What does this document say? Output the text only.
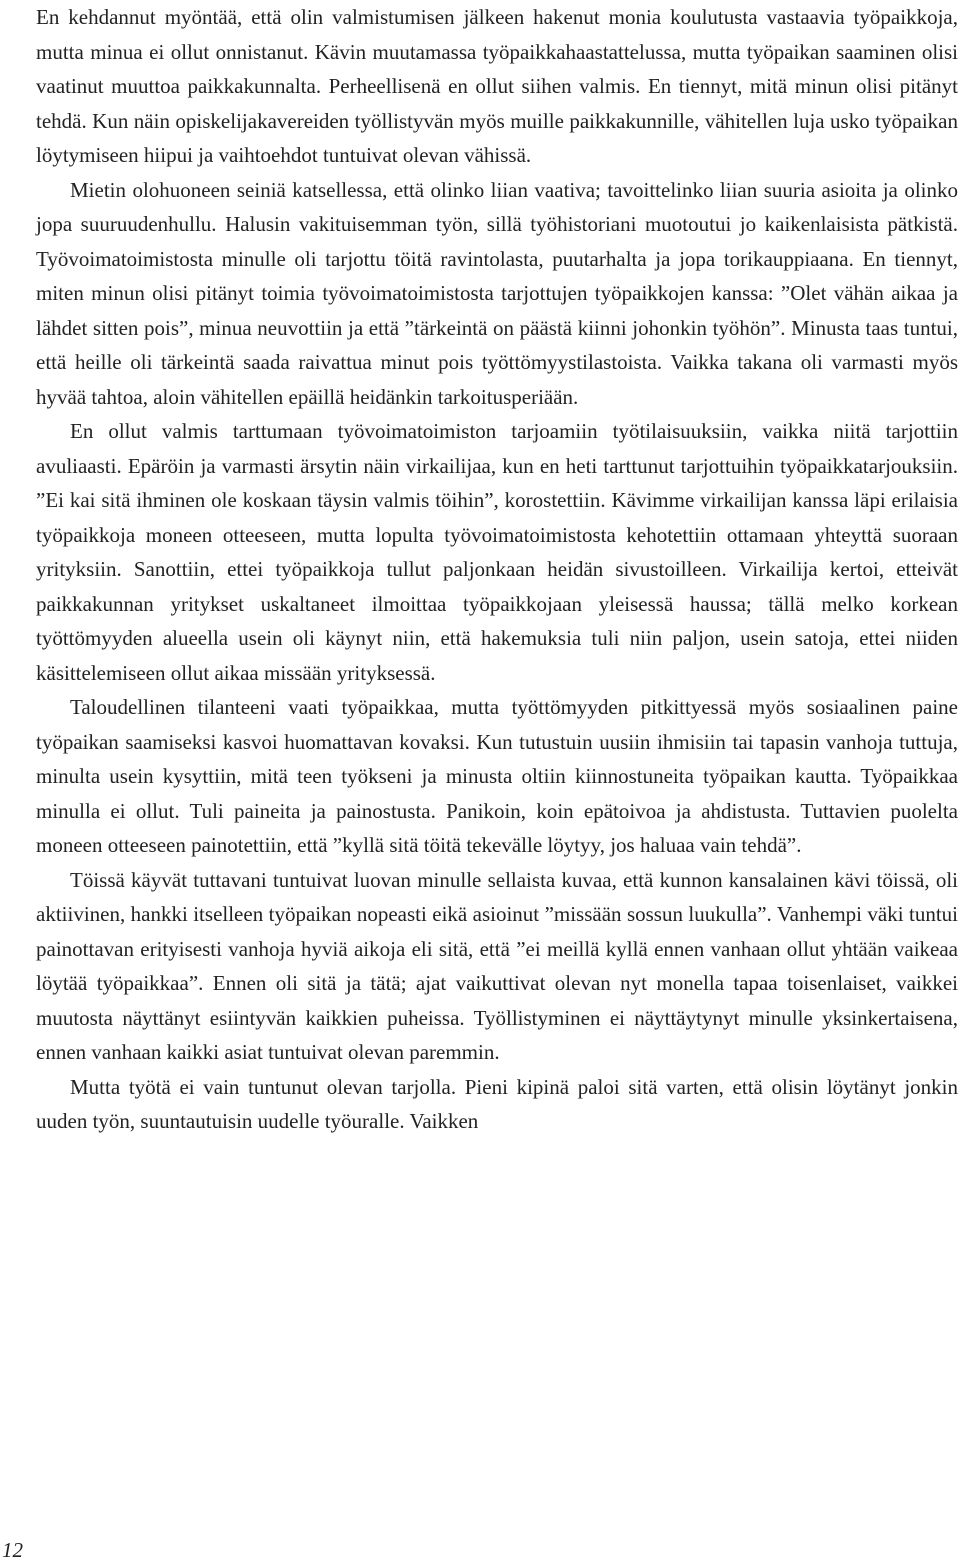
En kehdannut myöntää, että olin valmistumisen jälkeen hakenut monia koulutusta vastaavia työpaikkoja, mutta minua ei ollut onnistanut. Kävin muutamassa työpaikkahaastattelussa, mutta työpaikan saaminen olisi vaatinut muuttoa paikkakunnalta. Perheellisenä en ollut siihen valmis. En tiennyt, mitä minun olisi pitänyt tehdä. Kun näin opiskelijakavereiden työllistyvän myös muille paikkakunnille, vähitellen luja usko työpaikan löytymiseen hiipui ja vaihtoehdot tuntuivat olevan vähissä.

Mietin olohuoneen seiniä katsellessa, että olinko liian vaativa; tavoittelinko liian suuria asioita ja olinko jopa suuruudenhullu. Halusin vakituisemman työn, sillä työhistoriani muotoutui jo kaikenlaisista pätkistä. Työvoimatoimistosta minulle oli tarjottu töitä ravintolasta, puutarhalta ja jopa torikauppiaana. En tiennyt, miten minun olisi pitänyt toimia työvoimatoimistosta tarjottujen työpaikkojen kanssa: ”Olet vähän aikaa ja lähdet sitten pois”, minua neuvottiin ja että ”tärkeintä on päästä kiinni johonkin työhön”. Minusta taas tuntui, että heille oli tärkeintä saada raivattua minut pois työttömyystilastoista. Vaikka takana oli varmasti myös hyvää tahtoa, aloin vähitellen epäillä heidänkin tarkoitusperiään.

En ollut valmis tarttumaan työvoimatoimiston tarjoamiin työtilaisuuksiin, vaikka niitä tarjottiin avuliaasti. Epäröin ja varmasti ärsytin näin virkailijaa, kun en heti tarttunut tarjottuihin työpaikkatarjouksiin. ”Ei kai sitä ihminen ole koskaan täysin valmis töihin”, korostettiin. Kävimme virkailijan kanssa läpi erilaisia työpaikkoja moneen otteeseen, mutta lopulta työvoimatoimistosta kehotettiin ottamaan yhteyttä suoraan yrityksiin. Sanottiin, ettei työpaikkoja tullut paljonkaan heidän sivustoilleen. Virkailija kertoi, etteivät paikkakunnan yritykset uskaltaneet ilmoittaa työpaikkojaan yleisessä haussa; tällä melko korkean työttömyyden alueella usein oli käynyt niin, että hakemuksia tuli niin paljon, usein satoja, ettei niiden käsittelemiseen ollut aikaa missään yrityksessä.

Taloudellinen tilanteeni vaati työpaikkaa, mutta työttömyyden pitkittyessä myös sosiaalinen paine työpaikan saamiseksi kasvoi huomattavan kovaksi. Kun tutustuin uusiin ihmisiin tai tapasin vanhoja tuttuja, minulta usein kysyttiin, mitä teen työkseni ja minusta oltiin kiinnostuneita työpaikan kautta. Työpaikkaa minulla ei ollut. Tuli paineita ja painostusta. Panikoin, koin epätoivoa ja ahdistusta. Tuttavien puolelta moneen otteeseen painotettiin, että ”kyllä sitä töitä tekevälle löytyy, jos haluaa vain tehdä”.

Töissä käyvät tuttavani tuntuivat luovan minulle sellaista kuvaa, että kunnon kansalainen kävi töissä, oli aktiivinen, hankki itselleen työpaikan nopeasti eikä asioinut ”missään sossun luukulla”. Vanhempi väki tuntui painottavan erityisesti vanhoja hyviä aikoja eli sitä, että ”ei meillä kyllä ennen vanhaan ollut yhtään vaikeaa löytää työpaikkaa”. Ennen oli sitä ja tätä; ajat vaikuttivat olevan nyt monella tapaa toisenlaiset, vaikkei muutosta näyttänyt esiintyvän kaikkien puheissa. Työllistyminen ei näyttäytynyt minulle yksinkertaisena, ennen vanhaan kaikki asiat tuntuivat olevan paremmin.

Mutta työtä ei vain tuntunut olevan tarjolla. Pieni kipinä paloi sitä varten, että olisin löytänyt jonkin uuden työn, suuntautuisin uudelle työuralle. Vaikken

12
